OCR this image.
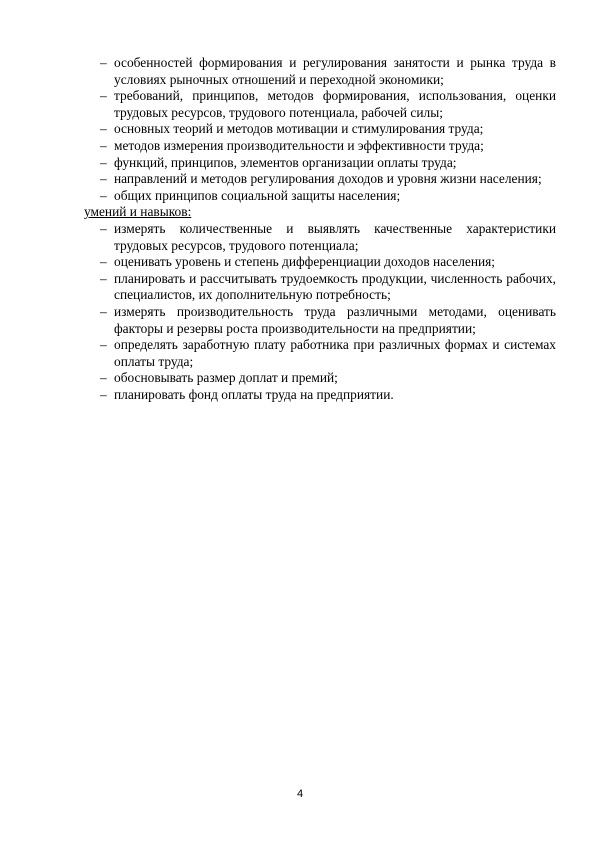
– особенностей формирования и регулирования занятости и рынка труда в условиях рыночных отношений и переходной экономики;
– требований, принципов, методов формирования, использования, оценки трудовых ресурсов, трудового потенциала, рабочей силы;
– основных теорий и методов мотивации и стимулирования труда;
– методов измерения производительности и эффективности труда;
– функций, принципов, элементов организации оплаты труда;
– направлений и методов регулирования доходов и уровня жизни населения;
– общих принципов социальной защиты населения;

умений и навыков:

– измерять количественные и выявлять качественные характеристики трудовых ресурсов, трудового потенциала;
– оценивать уровень и степень дифференциации доходов населения;
– планировать и рассчитывать трудоемкость продукции, численность рабочих, специалистов, их дополнительную потребность;
– измерять производительность труда различными методами, оценивать факторы и резервы роста производительности на предприятии;
– определять заработную плату работника при различных формах и системах оплаты труда;
– обосновывать размер доплат и премий;
– планировать фонд оплаты труда на предприятии.
4
